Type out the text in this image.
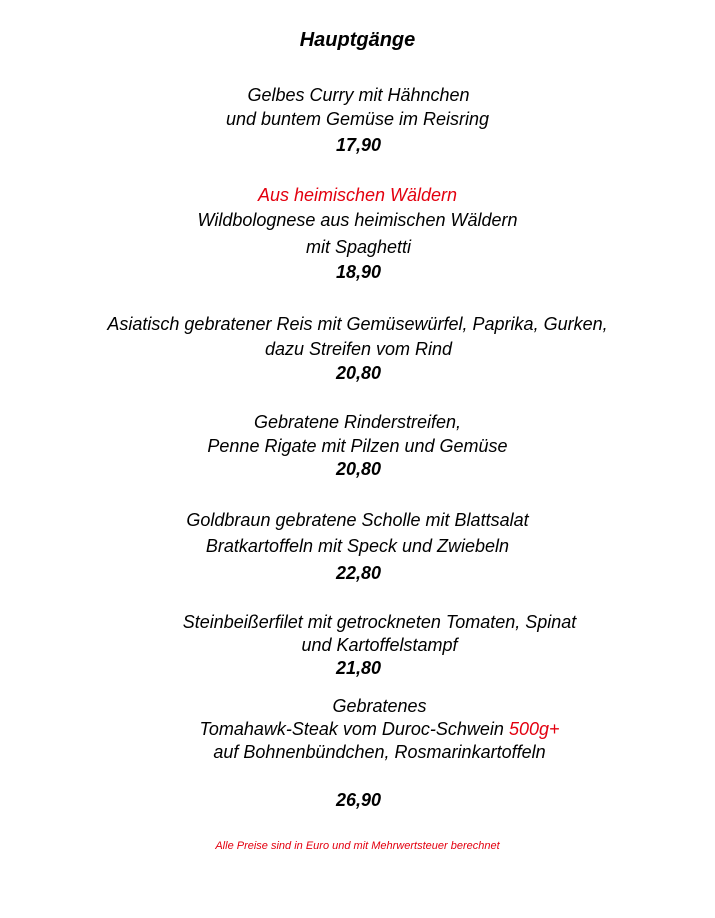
Hauptgänge
Gelbes Curry mit Hähnchen
und buntem Gemüse im Reisring
17,90
Aus heimischen Wäldern
Wildbolognese aus heimischen Wäldern
mit Spaghetti
18,90
Asiatisch gebratener Reis mit Gemüsewürfel, Paprika, Gurken,
dazu Streifen vom Rind
20,80
Gebratene Rinderstreifen,
Penne Rigate mit Pilzen und Gemüse
20,80
Goldbraun gebratene Scholle mit Blattsalat
Bratkartoffeln mit Speck und Zwiebeln
22,80
Steinbeißerfilet mit getrockneten Tomaten, Spinat
und Kartoffelstampf
21,80
Gebratenes
Tomahawk-Steak vom Duroc-Schwein 500g+
auf Bohnenbündchen, Rosmarinkartoffeln
26,90
Alle Preise sind in Euro und mit Mehrwertsteuer berechnet
